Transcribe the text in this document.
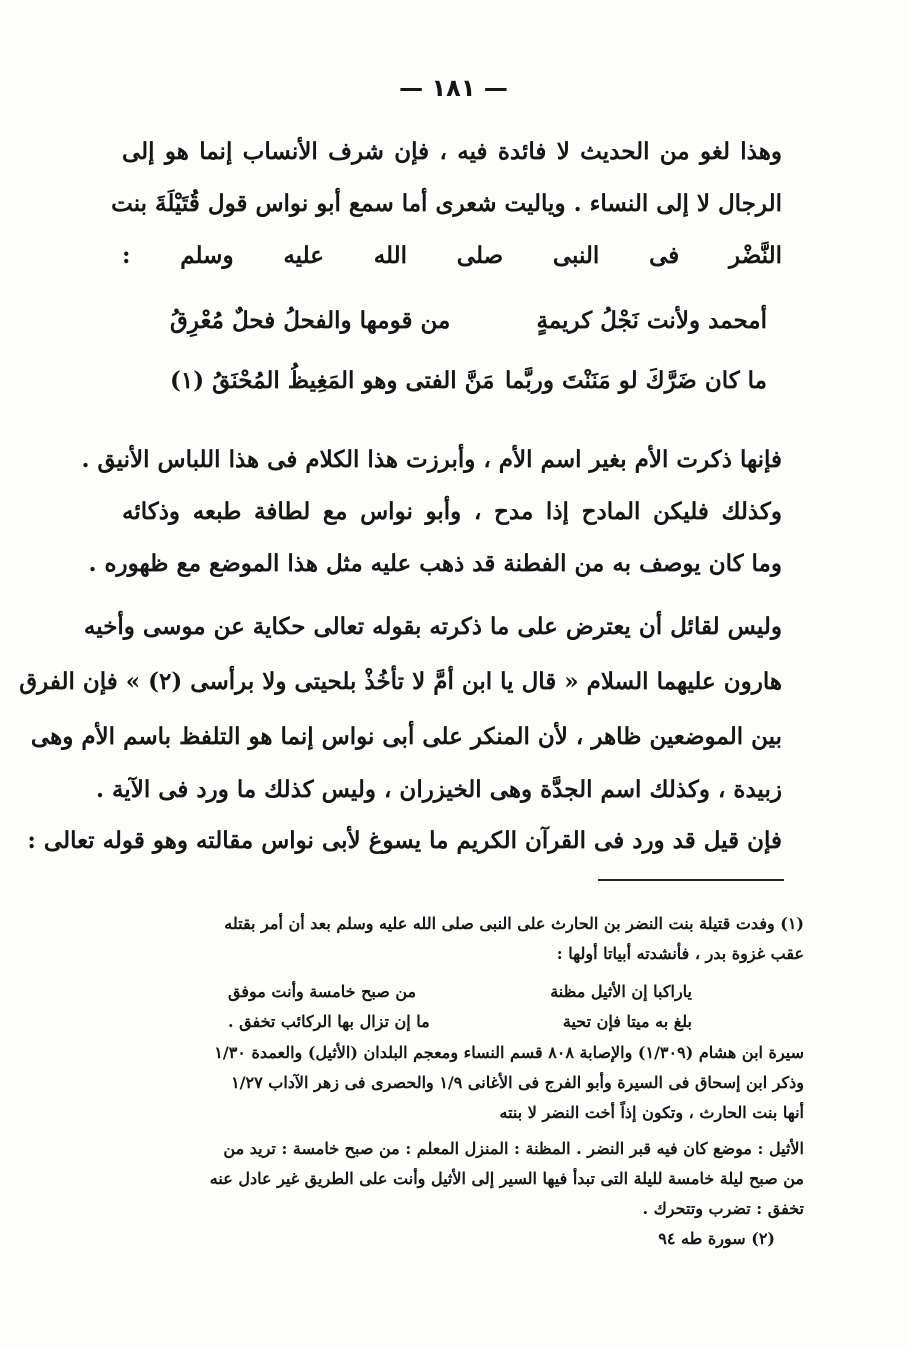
— ١٨١ —
وهذا لغو من الحديث لا فائدة فيه ، فإن شرف الأنساب إنما هو إلى
الرجال لا إلى النساء . وياليت شعرى أما سمع أبو نواس قول قُتَيْلَةَ بنت
النَّضْر فى النبى صلى الله عليه وسلم :
أمحمد ولأنت نَجْلُ كريمةٍ
من قومها والفحلُ فحلٌ مُعْرِقُ
ما كان ضَرَّكَ لو مَنَنْتَ وربَّما
مَنَّ الفتى وهو المَغِيظُ المُحْنَقُ (١)
فإنها ذكرت الأم بغير اسم الأم ، وأبرزت هذا الكلام فى هذا اللباس الأنيق .
وكذلك فليكن المادح إذا مدح ، وأبو نواس مع لطافة طبعه وذكائه
وما كان يوصف به من الفطنة قد ذهب عليه مثل هذا الموضع مع ظهوره .
وليس لقائل أن يعترض على ما ذكرته بقوله تعالى حكاية عن موسى وأخيه
هارون عليهما السلام « قال يا ابن أمَّ لا تأخُذْ بلحيتى ولا برأسى (٢) » فإن الفرق
بين الموضعين ظاهر ، لأن المنكر على أبى نواس إنما هو التلفظ باسم الأم وهى
زبيدة ، وكذلك اسم الجدَّة وهى الخيزران ، وليس كذلك ما ورد فى الآية .
فإن قيل قد ورد فى القرآن الكريم ما يسوغ لأبى نواس مقالته وهو قوله تعالى :
(١) وفدت قتيلة بنت النضر بن الحارث على النبى صلى الله عليه وسلم بعد أن أمر بقتله
عقب غزوة بدر ، فأنشدته أبياتا أولها :
ياراكبا إن الأثيل مظنة
من صبح خامسة وأنت موفق
بلغ به ميتا فإن تحية
ما إن تزال بها الركائب تخفق .
سيرة ابن هشام (١/٣٠٩) والإصابة ٨٠٨ قسم النساء ومعجم البلدان (الأثيل) والعمدة ١/٣٠
وذكر ابن إسحاق فى السيرة وأبو الفرج فى الأغانى ١/٩ والحصرى فى زهر الآداب ١/٢٧
أنها بنت الحارث ، وتكون إذاً أخت النضر لا بنته
الأثيل : موضع كان فيه قبر النضر . المظنة : المنزل المعلم : من صبح خامسة : تريد من
من صبح ليلة خامسة لليلة التى تبدأ فيها السير إلى الأثيل وأنت على الطريق غير عادل عنه
تخفق : تضرب وتتحرك .
(٢) سورة طه ٩٤
